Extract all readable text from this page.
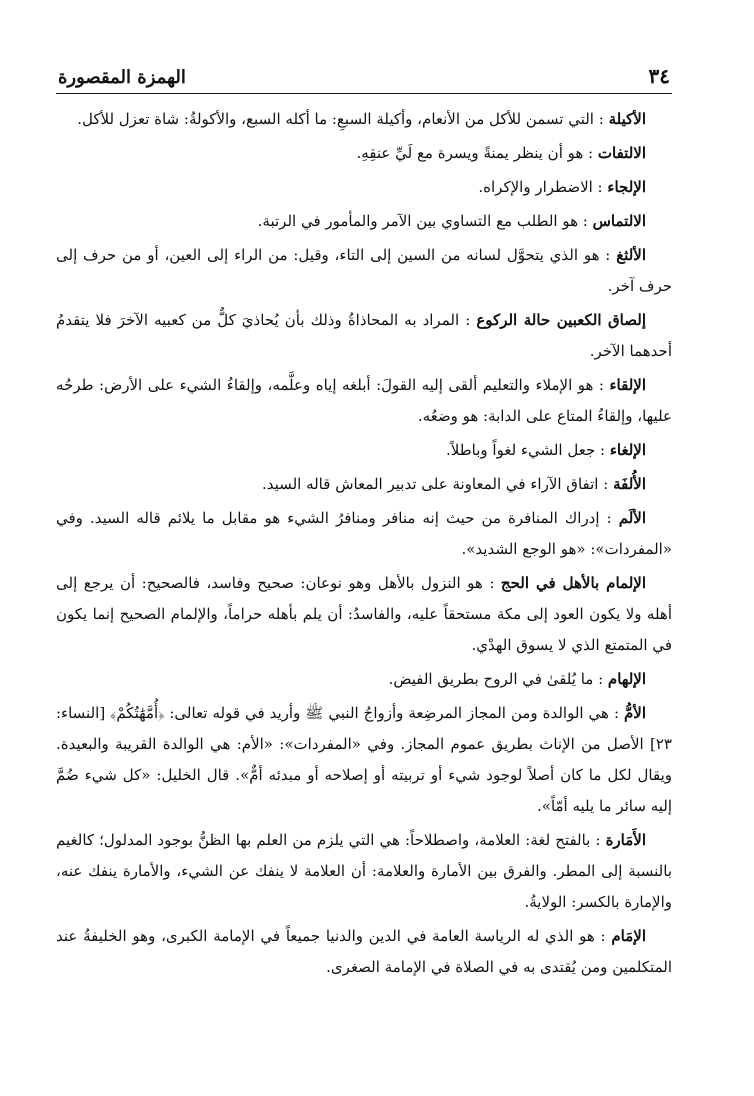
٣٤
الهمزة المقصورة

الأكيلة : التي تسمن للأكل من الأنعام، وأكيلة السبعِ: ما أكله السبع، والأكولةُ: شاة تعزل للأكل.

الالتفات : هو أن ينظر يمنةً ويسرة مع لَيِّ عنقِهِ.

الإلجاء : الاضطرار والإكراه.

الالتماس : هو الطلب مع التساوي بين الآمر والمأمور في الرتبة.

الألثغ : هو الذي يتحوَّل لسانه من السين إلى التاء، وقيل: من الراء إلى العين، أو من حرف إلى حرف آخر.

إلصاق الكعبين حالة الركوع : المراد به المحاذاةُ وذلك بأن يُحاذيَ كلٌّ من كعبيه الآخرَ فلا يتقدمُ أحدهما الآخر.

الإلقاء : هو الإملاء والتعليم ألقى إليه القولَ: أبلغه إياه وعلَّمه، وإلقاءُ الشيء على الأرض: طرحُه عليها، وإلقاءُ المتاع على الدابة: هو وضعُه.

الإلغاء : جعل الشيء لغواً وباطلاً.

الأُلفَة : اتفاق الآراء في المعاونة على تدبير المعاش قاله السيد.

الألَم : إدراك المنافرة من حيث إنه منافر ومنافرُ الشيء هو مقابل ما يلائم قاله السيد. وفي «المفردات»: «هو الوجع الشديد».

الإلمام بالأهل في الحج : هو النزول بالأهل وهو نوعان: صحيح وفاسد، فالصحيح: أن يرجع إلى أهله ولا يكون العود إلى مكة مستحقاً عليه، والفاسدُ: أن يلم بأهله حراماً، والإلمام الصحيح إنما يكون في المتمتع الذي لا يسوق الهدْي.

الإلهام : ما يُلقىٰ في الروح بطريق الفيض.

الأمُّ : هي الوالدة ومن المجاز المرضِعة وأزواجُ النبي ﷺ وأريد في قوله تعالى: ﴿أُمَّهَٰتُكُمْ﴾ [النساء: ٢٣] الأصل من الإناث بطريق عموم المجاز. وفي «المفردات»: «الأم: هي الوالدة القريبة والبعيدة. ويقال لكل ما كان أصلاً لوجود شيء أو تربيته أو إصلاحه أو مبدئه أمٌّ». قال الخليل: «كل شيء ضُمَّ إليه سائر ما يليه أمّاً».

الأَمَارة : بالفتح لغة: العلامة، واصطلاحاً: هي التي يلزم من العلم بها الظنُّ بوجود المدلول؛ كالغيم بالنسبة إلى المطر. والفرق بين الأمارة والعلامة: أن العلامة لا ينفك عن الشيء، والأمارة ينفك عنه، والإمارة بالكسر: الولايةُ.

الإمَام : هو الذي له الرياسة العامة في الدين والدنيا جميعاً في الإمامة الكبرى، وهو الخليفةُ عند المتكلمين ومن يُقتدى به في الصلاة في الإمامة الصغرى.
